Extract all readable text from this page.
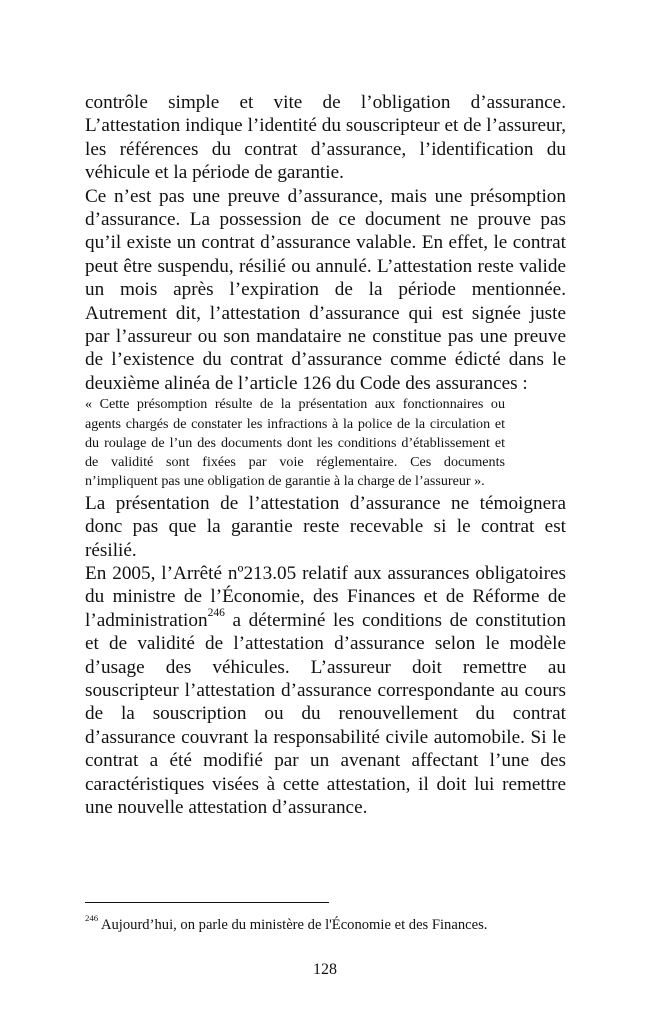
contrôle simple et vite de l’obligation d’assurance. L’attestation indique l’identité du souscripteur et de l’assureur, les références du contrat d’assurance, l’identification du véhicule et la période de garantie.

Ce n’est pas une preuve d’assurance, mais une présomption d’assurance. La possession de ce document ne prouve pas qu’il existe un contrat d’assurance valable. En effet, le contrat peut être suspendu, résilié ou annulé. L’attestation reste valide un mois après l’expiration de la période mentionnée. Autrement dit, l’attestation d’assurance qui est signée juste par l’assureur ou son mandataire ne constitue pas une preuve de l’existence du contrat d’assurance comme édicté dans le deuxième alinéa de l’article 126 du Code des assurances :

« Cette présomption résulte de la présentation aux fonctionnaires ou agents chargés de constater les infractions à la police de la circulation et du roulage de l’un des documents dont les conditions d’établissement et de validité sont fixées par voie réglementaire. Ces documents n’impliquent pas une obligation de garantie à la charge de l’assureur ».

La présentation de l’attestation d’assurance ne témoignera donc pas que la garantie reste recevable si le contrat est résilié.

En 2005, l’Arrêté nº213.05 relatif aux assurances obligatoires du ministre de l’Économie, des Finances et de Réforme de l’administration$^{246}$ a déterminé les conditions de constitution et de validité de l’attestation d’assurance selon le modèle d’usage des véhicules. L’assureur doit remettre au souscripteur l’attestation d’assurance correspondante au cours de la souscription ou du renouvellement du contrat d’assurance couvrant la responsabilité civile automobile. Si le contrat a été modifié par un avenant affectant l’une des caractéristiques visées à cette attestation, il doit lui remettre une nouvelle attestation d’assurance.

$^{246}$ Aujourd’hui, on parle du ministère de l'Économie et des Finances.
128
